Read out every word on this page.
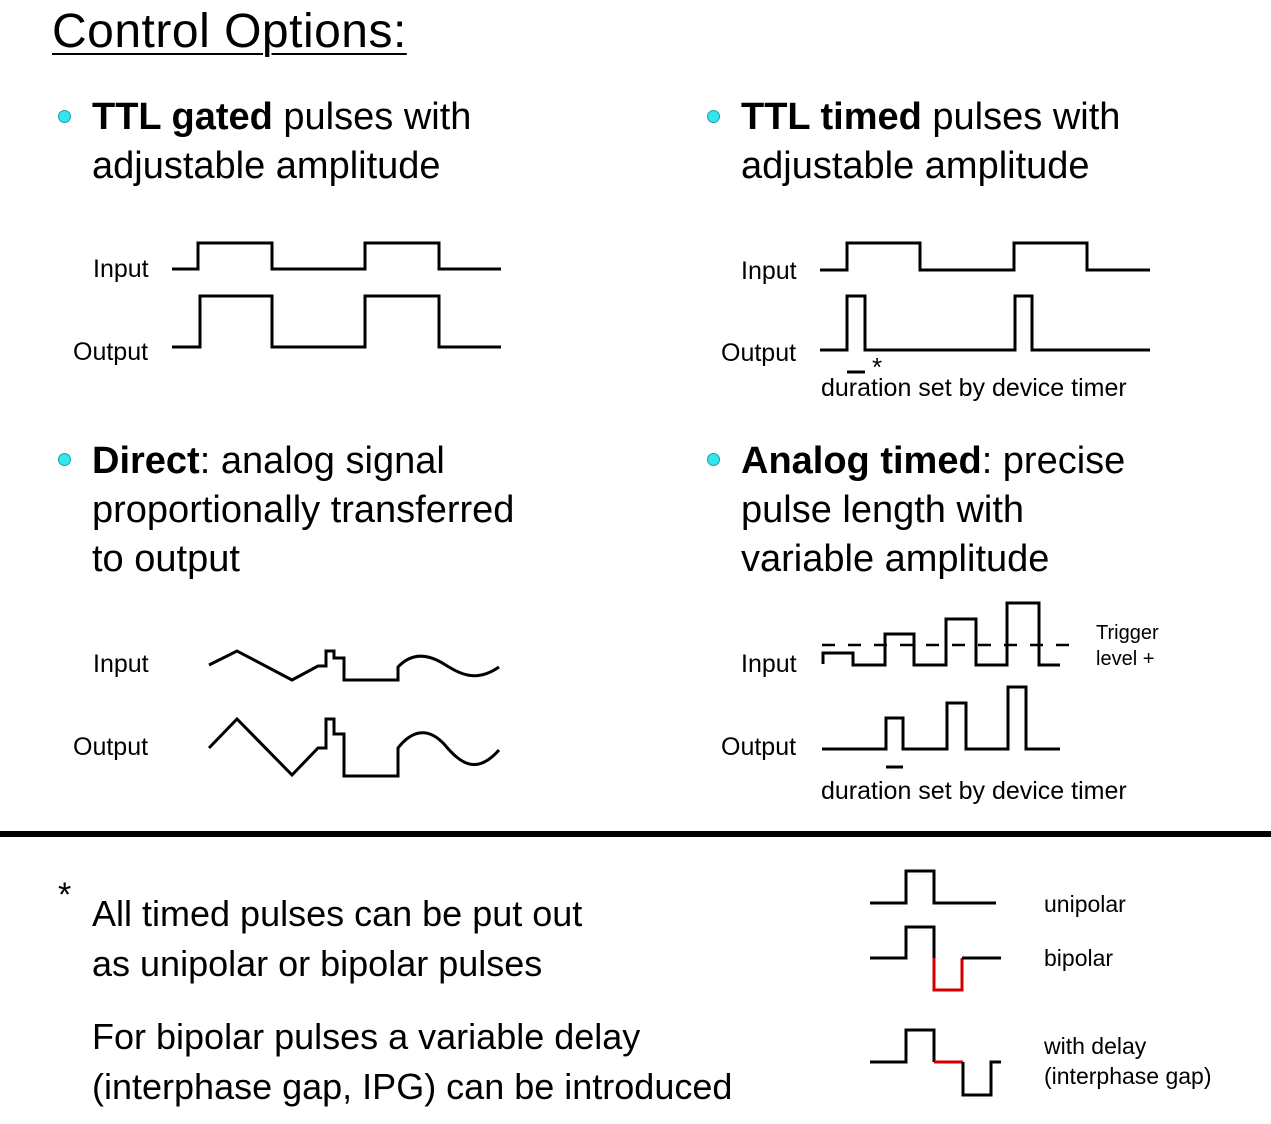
Control Options:
TTL gated pulses with
adjustable amplitude
Input
Output
TTL timed pulses with
adjustable amplitude
Input
Output	*
duration set by device timer
Direct: analog signal
proportionally transferred
to output
Input
Output
Analog timed: precise
pulse length with
variable amplitude
Input
Output
Trigger
level +
duration set by device timer
* All timed pulses can be put out
as unipolar or bipolar pulses
For bipolar pulses a variable delay
(interphase gap, IPG) can be introduced
unipolar
bipolar
with delay
(interphase gap)
